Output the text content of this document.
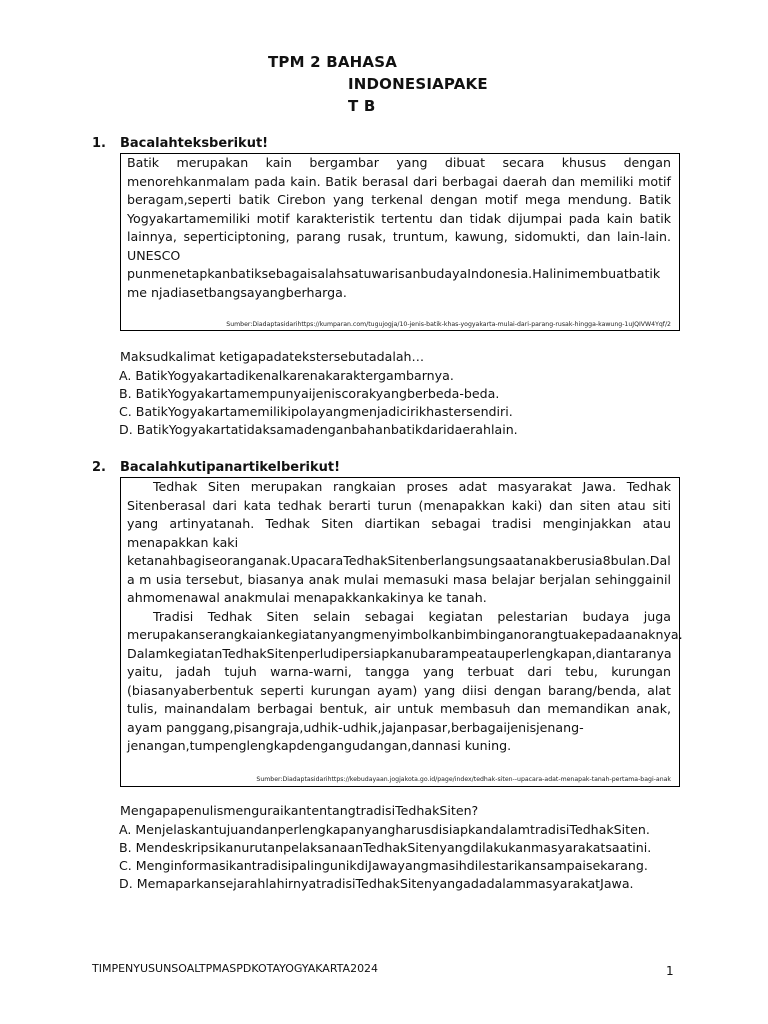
TPM 2 BAHASA
INDONESIAPAKE
T B
1. Bacalahteksberikut!

Batik merupakan kain bergambar yang dibuat secara khusus dengan menorehkanmalam pada kain. Batik berasal dari berbagai daerah dan memiliki motif beragam,seperti batik Cirebon yang terkenal dengan motif mega mendung. Batik Yogyakartamemiliki motif karakteristik tertentu dan tidak dijumpai pada kain batik lainnya, seperticiptoning, parang rusak, truntum, kawung, sidomukti, dan lain-lain. UNESCO

punmenetapkanbatiksebagaisalahsatuwarisanbudayaIndonesia.Halinimembuatbatikme njadiasetbangsayangberharga.

Sumber:Diadaptasidarihttps://kumparan.com/tugujogja/10-jenis-batik-khas-yogyakarta-mulai-dari-parang-rusak-hingga-kawung-1uJQIVW4Yqf/2

Maksudkalimat ketigapadatekstersebutadalah…

A. BatikYogyakartadikenalkarenakaraktergambarnya.

B. BatikYogyakartamempunyaijeniscorakyangberbeda-beda.

C. BatikYogyakartamemilikipolayangmenjadicirikhastersendiri.

D. BatikYogyakartatidaksamadenganbahanbatikdaridaerahlain.

2. Bacalahkutipanartikelberikut!

Tedhak Siten merupakan rangkaian proses adat masyarakat Jawa. Tedhak Sitenberasal dari kata tedhak berarti turun (menapakkan kaki) dan siten atau siti yang artinyatanah. Tedhak Siten diartikan sebagai tradisi menginjakkan atau menapakkan kaki

ketanahbagiseoranganak.UpacaraTedhakSitenberlangsungsaatanakberusia8bulan.Dala m usia tersebut, biasanya anak mulai memasuki masa belajar berjalan sehinggainilahmomenawal anakmulai menapakkankakinya ke tanah.

Tradisi Tedhak Siten selain sebagai kegiatan pelestarian budaya juga merupakanserangkaiankegiatanyangmenyimbolkanbimbinganorangtuakepadaanaknya.

DalamkegiatanTedhakSitenperludipersiapkanubarampeatauperlengkapan,diantaranya yaitu, jadah tujuh warna-warni, tangga yang terbuat dari tebu, kurungan (biasanyaberbentuk seperti kurungan ayam) yang diisi dengan barang/benda, alat tulis, mainandalam berbagai bentuk, air untuk membasuh dan memandikan anak, ayam panggang,pisangraja,udhik-udhik,jajanpasar,berbagaijenisjenang-

jenangan,tumpenglengkapdengangudangan,dannasi kuning.

Sumber:Diadaptasidarihttps://kebudayaan.jogjakota.go.id/page/index/tedhak-siten--upacara-adat-menapak-tanah-pertama-bagi-anak

MengapapenulismenguraikantentangtradisiTedhakSiten?

A. MenjelaskantujuandanperlengkapanyangharusdisiapkandalamtradisiTedhakSiten.

B. MendeskripsikanurutanpelaksanaanTedhakSitenyangdilakukanmasyarakatsaatini.

C. MenginformasikantradisipalingunikdiJawayangmasihdilestarikansampaisekarang.

D. MemaparkansejarahlahirnyatradisiTedhakSitenyangadadalammasyarakatJawa.

TIMPENYUSUNSOALTPMASPDKOTAYOGYAKARTA2024	1
